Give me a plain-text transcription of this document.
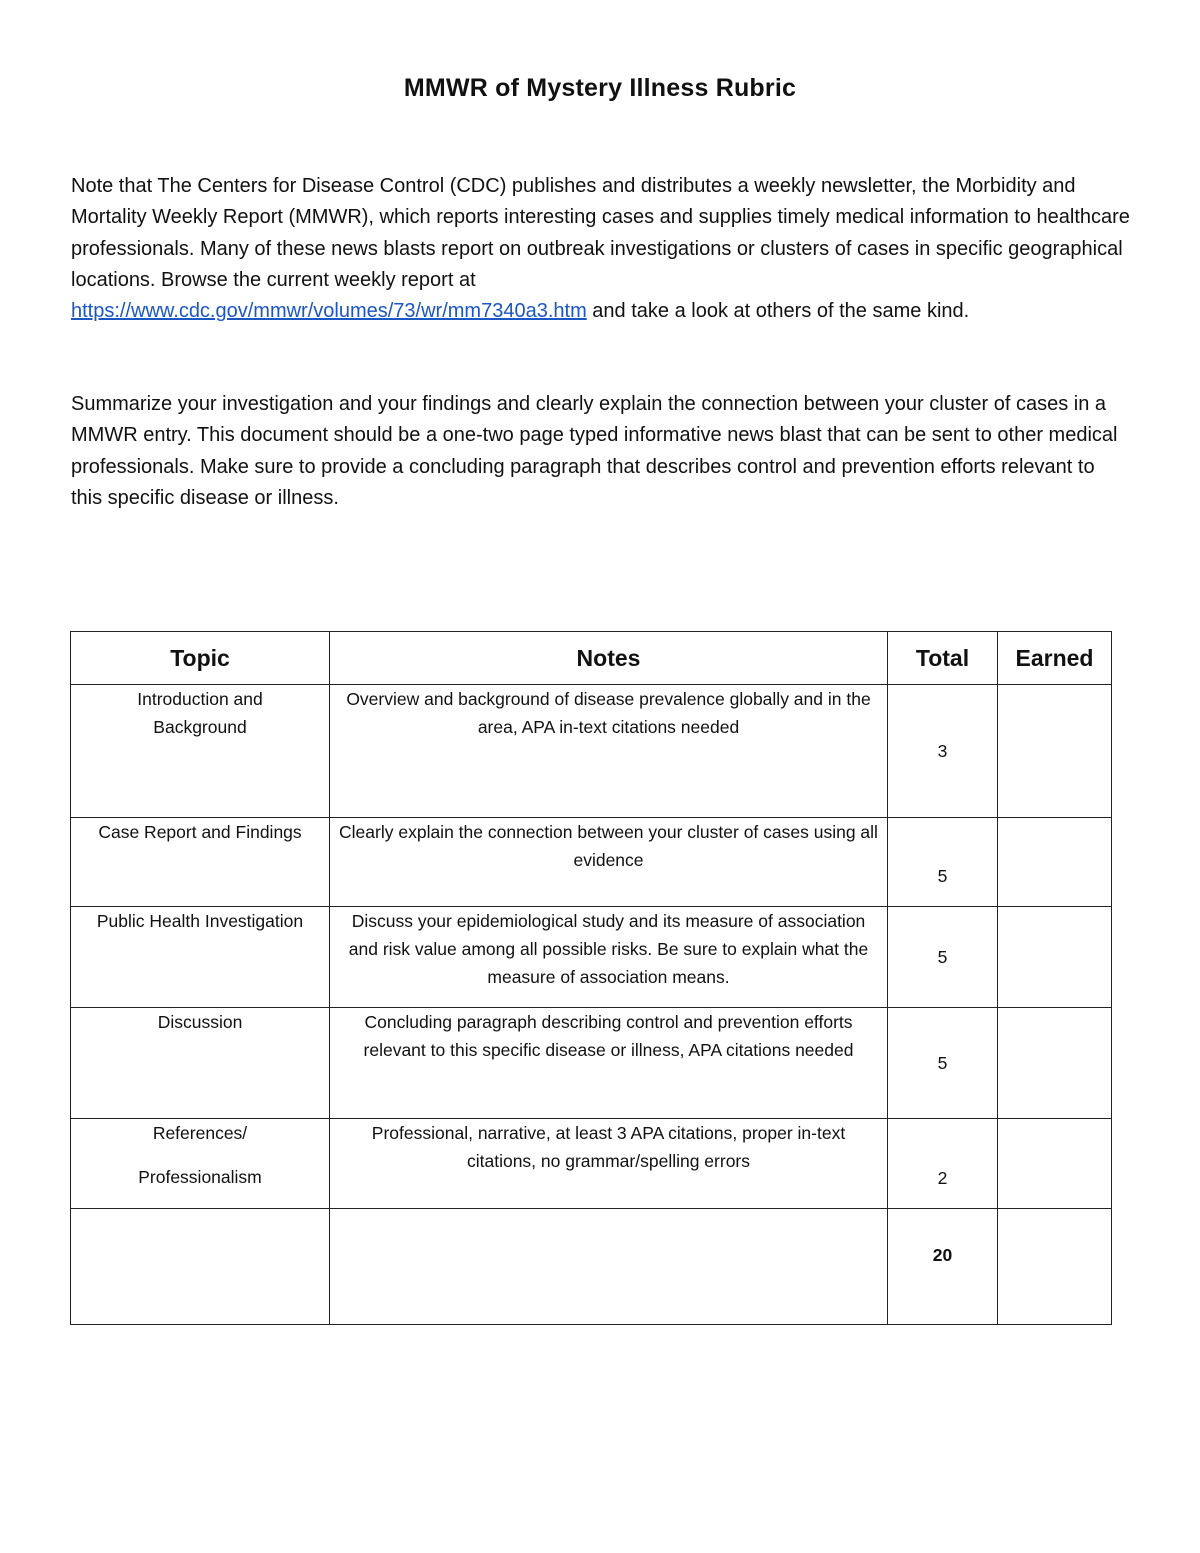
MMWR of Mystery Illness Rubric

Note that The Centers for Disease Control (CDC) publishes and distributes a weekly newsletter, the Morbidity and Mortality Weekly Report (MMWR), which reports interesting cases and supplies timely medical information to healthcare professionals. Many of these news blasts report on outbreak investigations or clusters of cases in specific geographical locations. Browse the current weekly report at
https://www.cdc.gov/mmwr/volumes/73/wr/mm7340a3.htm and take a look at others of the same kind.

Summarize your investigation and your findings and clearly explain the connection between your cluster of cases in a MMWR entry. This document should be a one-two page typed informative news blast that can be sent to other medical professionals. Make sure to provide a concluding paragraph that describes control and prevention efforts relevant to this specific disease or illness.

Topic	Notes	Total	Earned
Introduction and Background	Overview and background of disease prevalence globally and in the area, APA in-text citations needed	3	
Case Report and Findings	Clearly explain the connection between your cluster of cases using all evidence	5	
Public Health Investigation	Discuss your epidemiological study and its measure of association and risk value among all possible risks. Be sure to explain what the measure of association means.	5	
Discussion	Concluding paragraph describing control and prevention efforts relevant to this specific disease or illness, APA citations needed	5	

References/
Professionalism	Professional, narrative, at least 3 APA citations, proper in-text citations, no grammar/spelling errors	2	
		20	
